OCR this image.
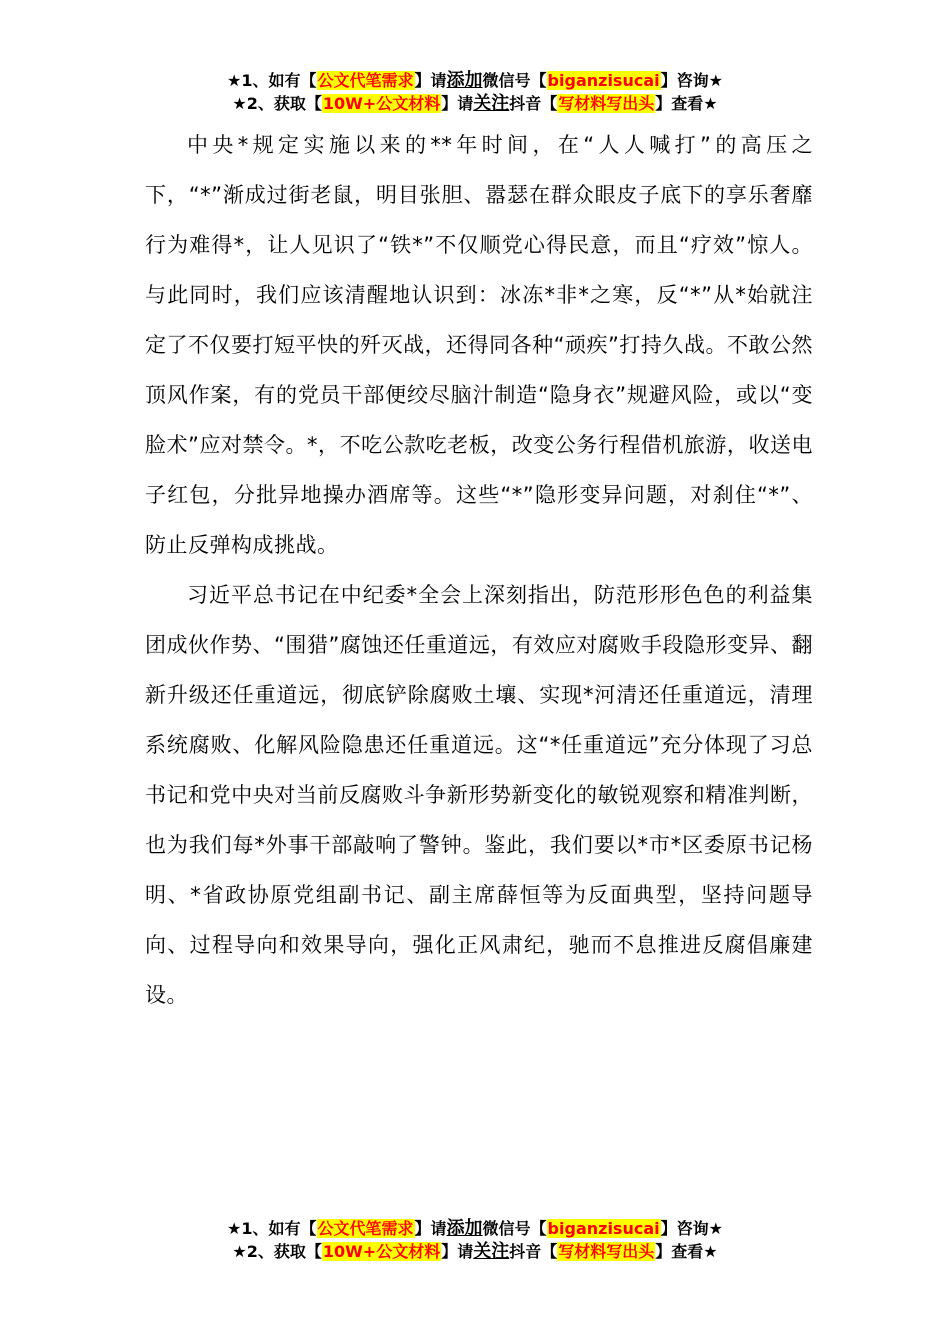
★1、如有【公文代笔需求】请添加微信号【biganzisucai】咨询★
★2、获取【10W+公文材料】请关注抖音【写材料写出头】查看★

中央*规定实施以来的**年时间，在“人人喊打”的高压之下，“*”渐成过街老鼠，明目张胆、嚣瑟在群众眼皮子底下的享乐奢靡行为难得*，让人见识了“铁*”不仅顺党心得民意，而且“疗效”惊人。与此同时，我们应该清醒地认识到：冰冻*非*之寒，反“*”从*始就注定了不仅要打短平快的歼灭战，还得同各种“顽疾”打持久战。不敢公然顶风作案，有的党员干部便绞尽脑汁制造“隐身衣”规避风险，或以“变脸术”应对禁令。*，不吃公款吃老板，改变公务行程借机旅游，收送电子红包，分批异地操办酒席等。这些“*”隐形变异问题，对刹住“*”、防止反弹构成挑战。

习近平总书记在中纪委*全会上深刻指出，防范形形色色的利益集团成伙作势、“围猎”腐蚀还任重道远，有效应对腐败手段隐形变异、翻新升级还任重道远，彻底铲除腐败土壤、实现*河清还任重道远，清理系统腐败、化解风险隐患还任重道远。这“*任重道远”充分体现了习总书记和党中央对当前反腐败斗争新形势新变化的敏锐观察和精准判断，也为我们每*外事干部敲响了警钟。鉴此，我们要以*市*区委原书记杨明、*省政协原党组副书记、副主席薛恒等为反面典型，坚持问题导向、过程导向和效果导向，强化正风肃纪，驰而不息推进反腐倡廉建设。

★1、如有【公文代笔需求】请添加微信号【biganzisucai】咨询★
★2、获取【10W+公文材料】请关注抖音【写材料写出头】查看★
